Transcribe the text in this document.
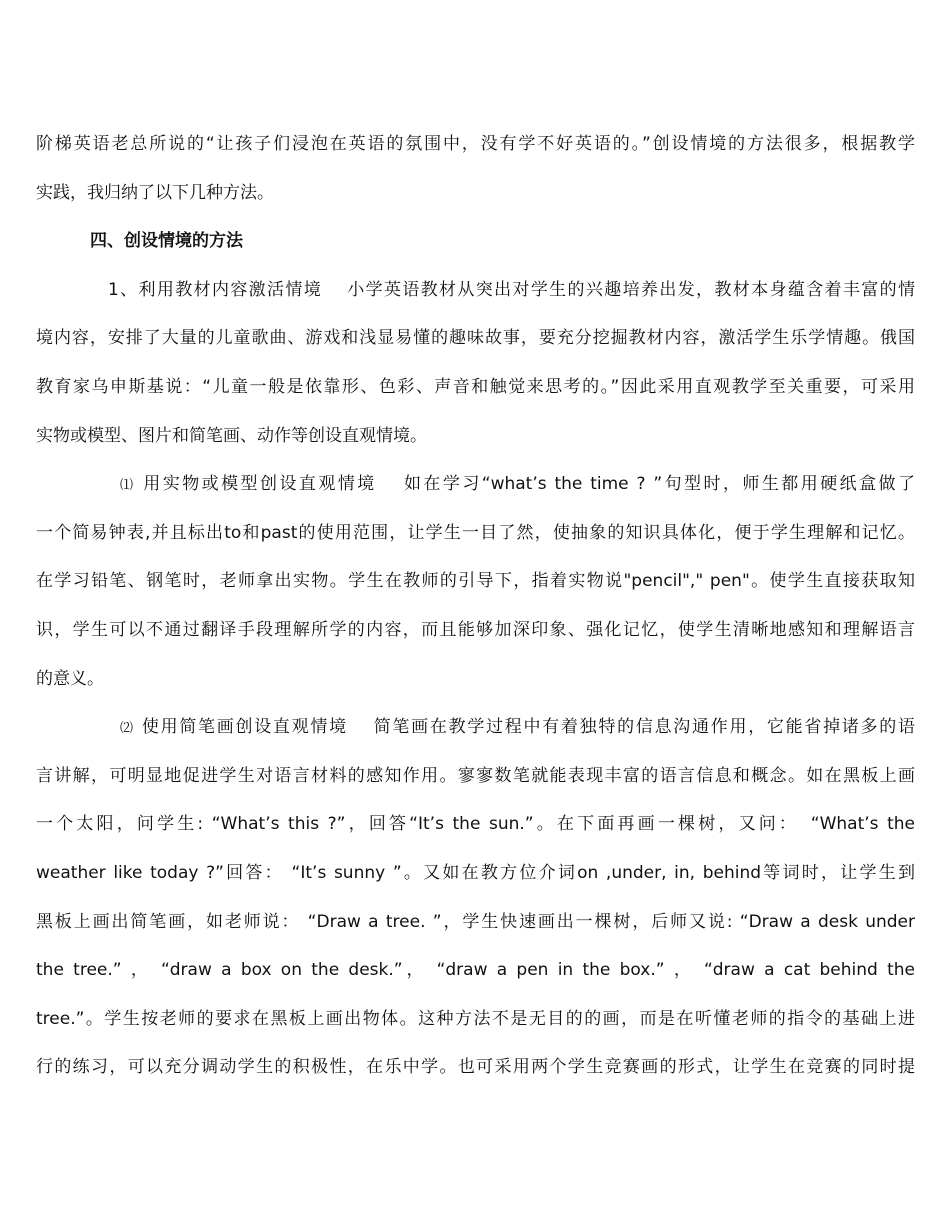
阶梯英语老总所说的“让孩子们浸泡在英语的氛围中，没有学不好英语的。”创设情境的方法很多，根据教学
实践，我归纳了以下几种方法。
四、创设情境的方法
1、利用教材内容激活情境　 小学英语教材从突出对学生的兴趣培养出发，教材本身蕴含着丰富的情
境内容，安排了大量的儿童歌曲、游戏和浅显易懂的趣味故事，要充分挖掘教材内容，激活学生乐学情趣。俄国
教育家乌申斯基说：“儿童一般是依靠形、色彩、声音和触觉来思考的。”因此采用直观教学至关重要，可采用
实物或模型、图片和简笔画、动作等创设直观情境。
⑴ 用实物或模型创设直观情境　 如在学习“what’s the time ? ”句型时，师生都用硬纸盒做了
一个简易钟表,并且标出to和past的使用范围，让学生一目了然，使抽象的知识具体化，便于学生理解和记忆。
在学习铅笔、钢笔时，老师拿出实物。学生在教师的引导下，指着实物说"pencil"," pen"。使学生直接获取知
识，学生可以不通过翻译手段理解所学的内容，而且能够加深印象、强化记忆，使学生清晰地感知和理解语言
的意义。
⑵ 使用简笔画创设直观情境　 简笔画在教学过程中有着独特的信息沟通作用，它能省掉诸多的语
言讲解，可明显地促进学生对语言材料的感知作用。寥寥数笔就能表现丰富的语言信息和概念。如在黑板上画
一个太阳，问学生: “What’s this ?”，回答“It’s the sun.”。在下面再画一棵树，又问：　“What’s the
weather like today ?”回答： “It’s sunny ”。又如在教方位介词on ,under, in, behind等词时，让学生到
黑板上画出简笔画，如老师说： “Draw a tree. ”，学生快速画出一棵树，后师又说: “Draw a desk under
the tree.” ， “draw a box on the desk.”， “draw a pen in the box.” ， “draw a cat behind the
tree.”。学生按老师的要求在黑板上画出物体。这种方法不是无目的的画，而是在听懂老师的指令的基础上进
行的练习，可以充分调动学生的积极性，在乐中学。也可采用两个学生竞赛画的形式，让学生在竞赛的同时提
